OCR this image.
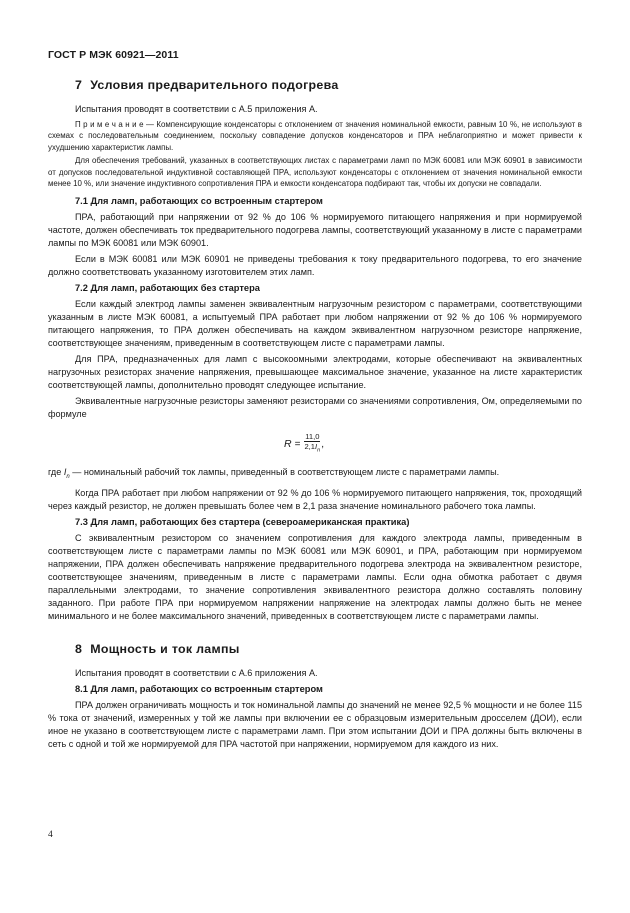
ГОСТ Р МЭК 60921—2011
7 Условия предварительного подогрева

Испытания проводят в соответствии с А.5 приложения А.

П р и м е ч а н и е — Компенсирующие конденсаторы с отклонением от значения номинальной емкости, равным 10 %, не используют в схемах с последовательным соединением, поскольку совпадение допусков конденсаторов и ПРА неблагоприятно и может привести к ухудшению характеристик лампы.

Для обеспечения требований, указанных в соответствующих листах с параметрами ламп по МЭК 60081 или МЭК 60901 в зависимости от допусков последовательной индуктивной составляющей ПРА, используют конденсаторы с отклонением от значения номинальной емкости менее 10 %, или значение индуктивного сопротивления ПРА и емкости конденсатора подбирают так, чтобы их допуски не совпадали.

7.1 Для ламп, работающих со встроенным стартером

ПРА, работающий при напряжении от 92 % до 106 % нормируемого питающего напряжения и при нормируемой частоте, должен обеспечивать ток предварительного подогрева лампы, соответствующий указанному в листе с параметрами лампы по МЭК 60081 или МЭК 60901.

Если в МЭК 60081 или МЭК 60901 не приведены требования к току предварительного подогрева, то его значение должно соответствовать указанному изготовителем этих ламп.

7.2 Для ламп, работающих без стартера

Если каждый электрод лампы заменен эквивалентным нагрузочным резистором с параметрами, соответствующими указанным в листе МЭК 60081, а испытуемый ПРА работает при любом напряжении от 92 % до 106 % нормируемого питающего напряжения, то ПРА должен обеспечивать на каждом эквивалентном нагрузочном резисторе напряжение, соответствующее значениям, приведенным в соответствующем листе с параметрами лампы.

Для ПРА, предназначенных для ламп с высокоомными электродами, которые обеспечивают на эквивалентных нагрузочных резисторах значение напряжения, превышающее максимальное значение, указанное на листе характеристик соответствующей лампы, дополнительно проводят следующее испытание.

Эквивалентные нагрузочные резисторы заменяют резисторами со значениями сопротивления, Ом, определяемыми по формуле

$R = \frac{11,0}{2,1I_n}$ ,

где $I_n$ — номинальный рабочий ток лампы, приведенный в соответствующем листе с параметрами лампы.

Когда ПРА работает при любом напряжении от 92 % до 106 % нормируемого питающего напряжения, ток, проходящий через каждый резистор, не должен превышать более чем в 2,1 раза значение номинального рабочего тока лампы.

7.3 Для ламп, работающих без стартера (североамериканская практика)

С эквивалентным резистором со значением сопротивления для каждого электрода лампы, приведенным в соответствующем листе с параметрами лампы по МЭК 60081 или МЭК 60901, и ПРА, работающим при нормируемом напряжении, ПРА должен обеспечивать напряжение предварительного подогрева электрода на эквивалентном резисторе, соответствующее значениям, приведенным в листе с параметрами лампы. Если одна обмотка работает с двумя параллельными электродами, то значение сопротивления эквивалентного резистора должно составлять половину заданного. При работе ПРА при нормируемом напряжении напряжение на электродах лампы должно быть не менее минимального и не более максимального значений, приведенных в соответствующем листе с параметрами лампы.

8 Мощность и ток лампы

Испытания проводят в соответствии с А.6 приложения А.

8.1 Для ламп, работающих со встроенным стартером

ПРА должен ограничивать мощность и ток номинальной лампы до значений не менее 92,5 % мощности и не более 115 % тока от значений, измеренных у той же лампы при включении ее с образцовым измерительным дросселем (ДОИ), если иное не указано в соответствующем листе с параметрами ламп. При этом испытании ДОИ и ПРА должны быть включены в сеть с одной и той же нормируемой для ПРА частотой при напряжении, нормируемом для каждого из них.

4
